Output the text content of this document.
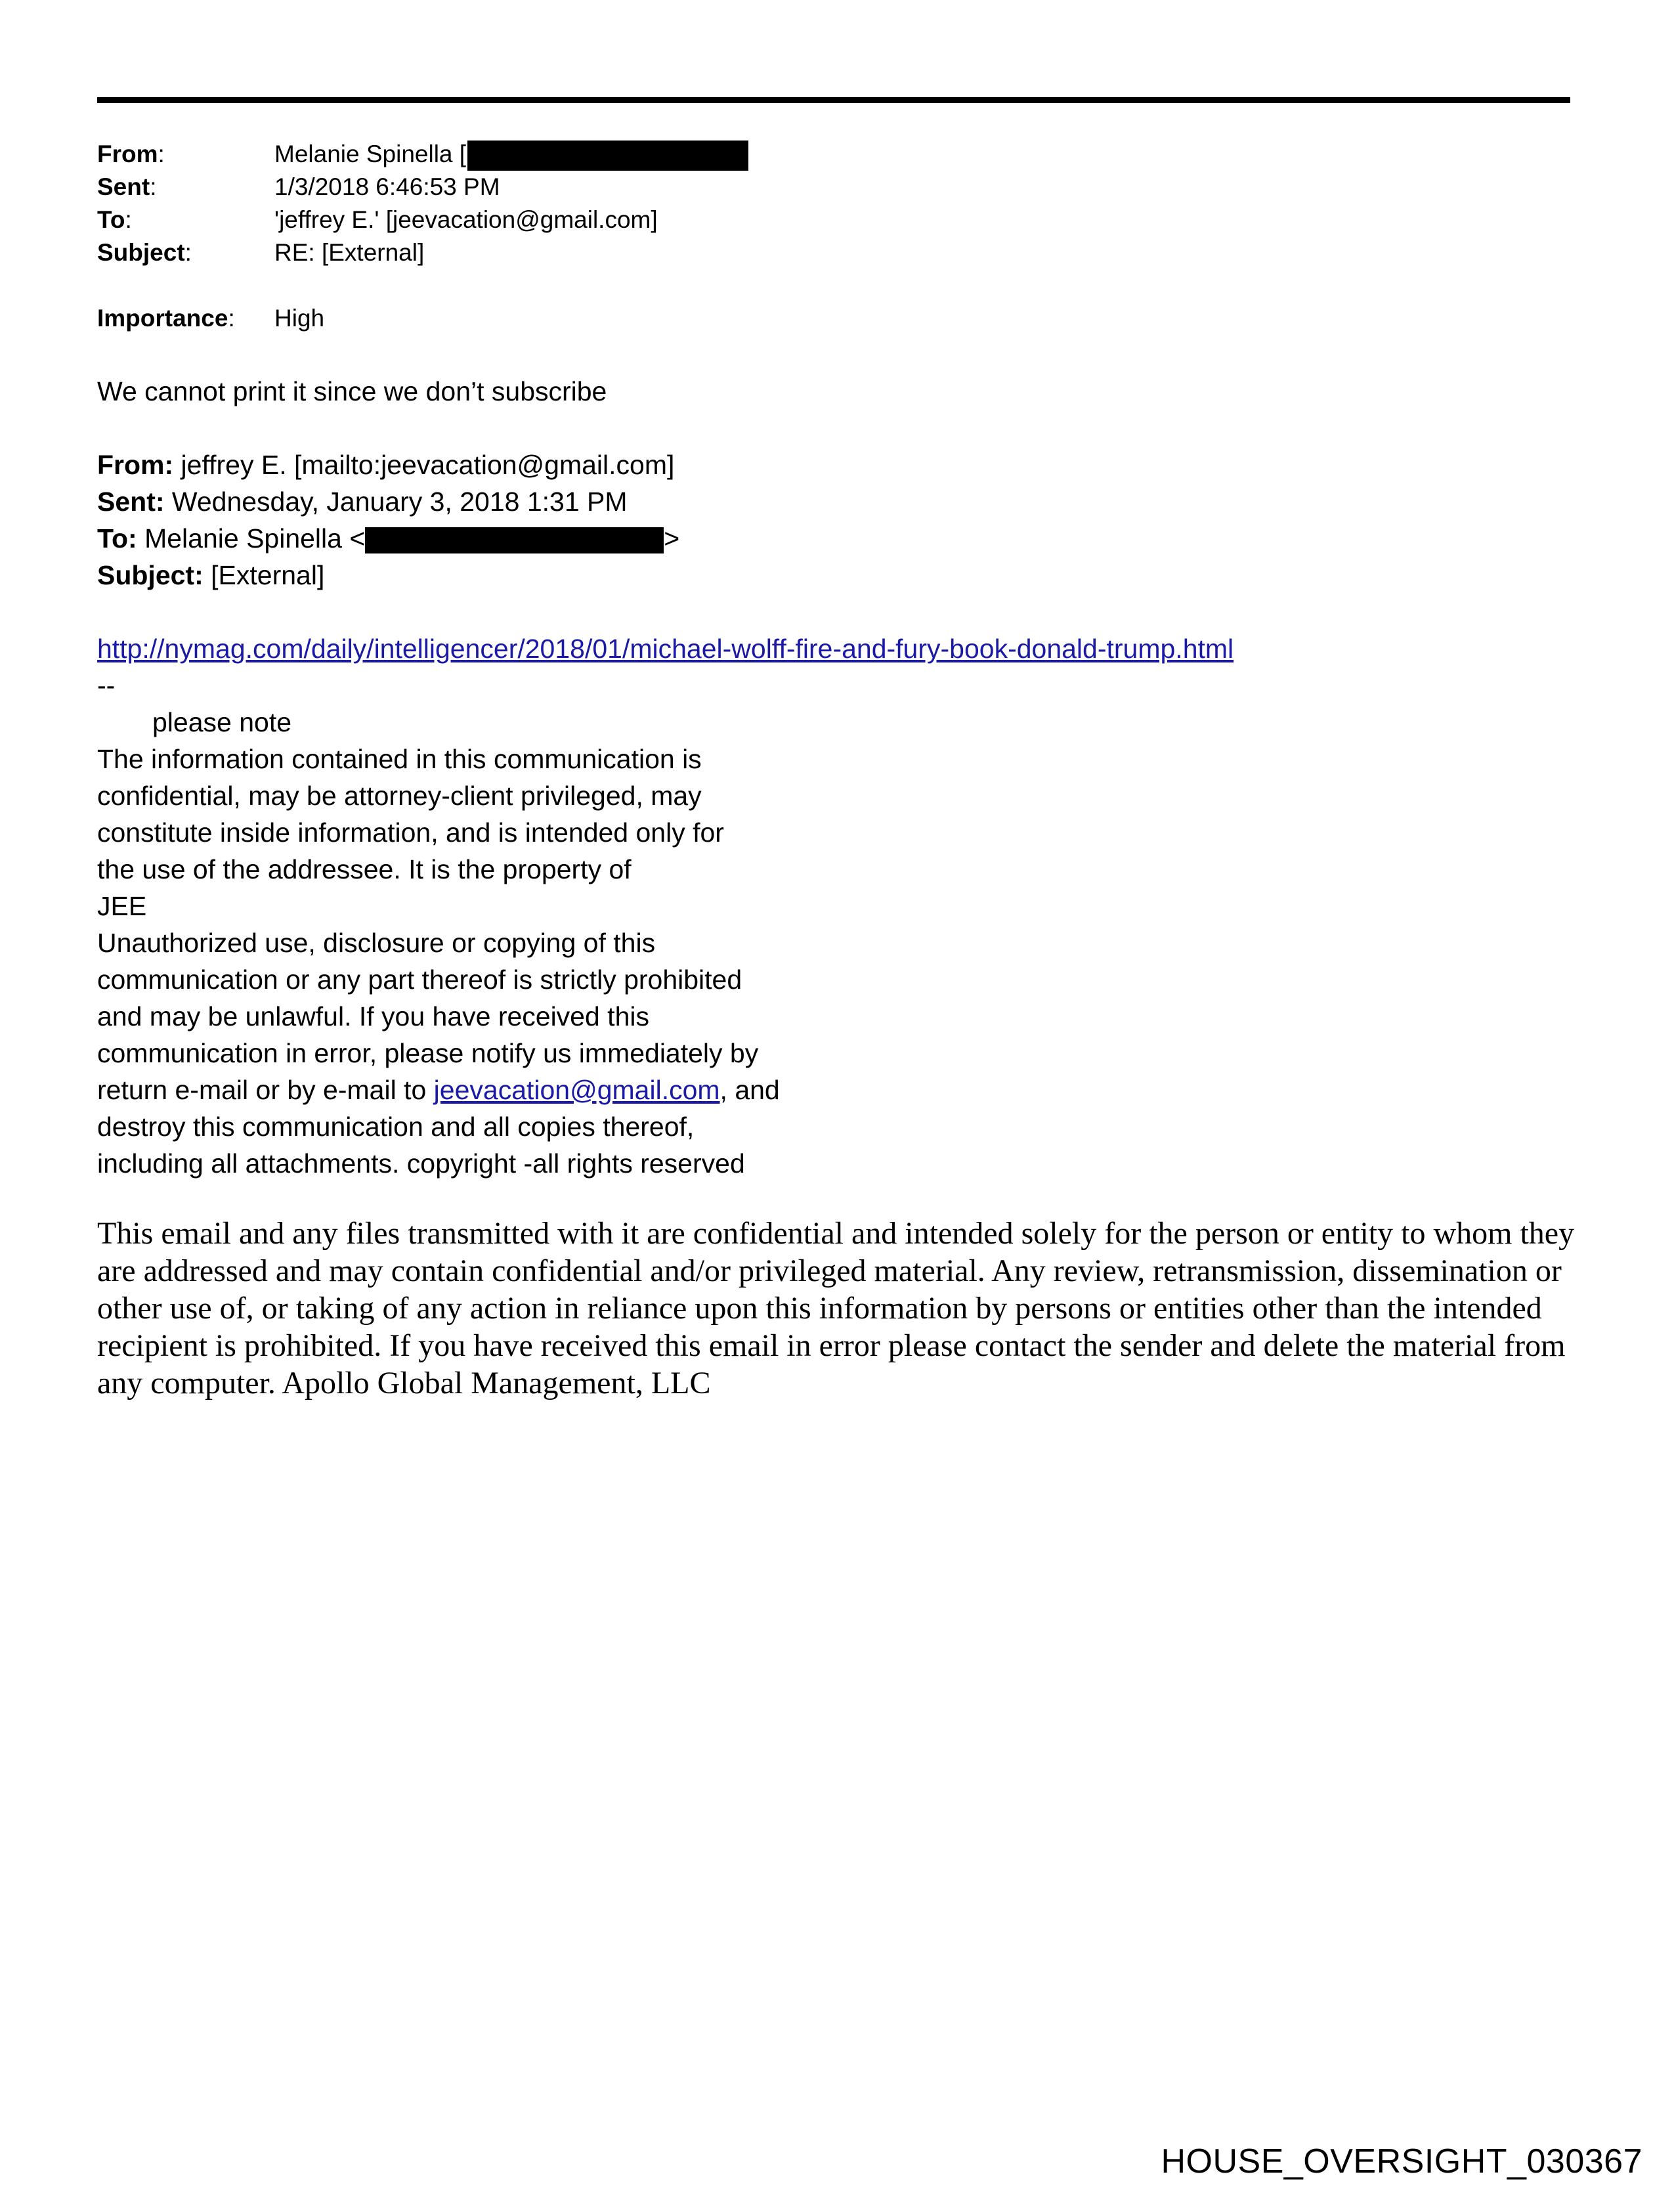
From:	Melanie Spinella [
Sent:	1/3/2018 6:46:53 PM
To:	'jeffrey E.' [jeevacation@gmail.com]
Subject:	RE: [External]
Importance: High
We cannot print it since we don’t subscribe
From: jeffrey E. [mailto:jeevacation@gmail.com]
Sent: Wednesday, January 3, 2018 1:31 PM
To: Melanie Spinella <	>
Subject: [External]
http://nymag.com/daily/intelligencer/2018/01/michael-wolff-fire-and-fury-book-donald-trump.html
--
please note
The information contained in this communication is
confidential, may be attorney-client privileged, may
constitute inside information, and is intended only for
the use of the addressee. It is the property of
JEE
Unauthorized use, disclosure or copying of this
communication or any part thereof is strictly prohibited
and may be unlawful. If you have received this
communication in error, please notify us immediately by
return e-mail or by e-mail to jeevacation@gmail.com, and
destroy this communication and all copies thereof,
including all attachments. copyright -all rights reserved
This email and any files transmitted with it are confidential and intended solely for the person or entity to whom they are addressed and may contain confidential and/or privileged material. Any review, retransmission, dissemination or other use of, or taking of any action in reliance upon this information by persons or entities other than the intended recipient is prohibited. If you have received this email in error please contact the sender and delete the material from any computer. Apollo Global Management, LLC
HOUSE_OVERSIGHT_030367
